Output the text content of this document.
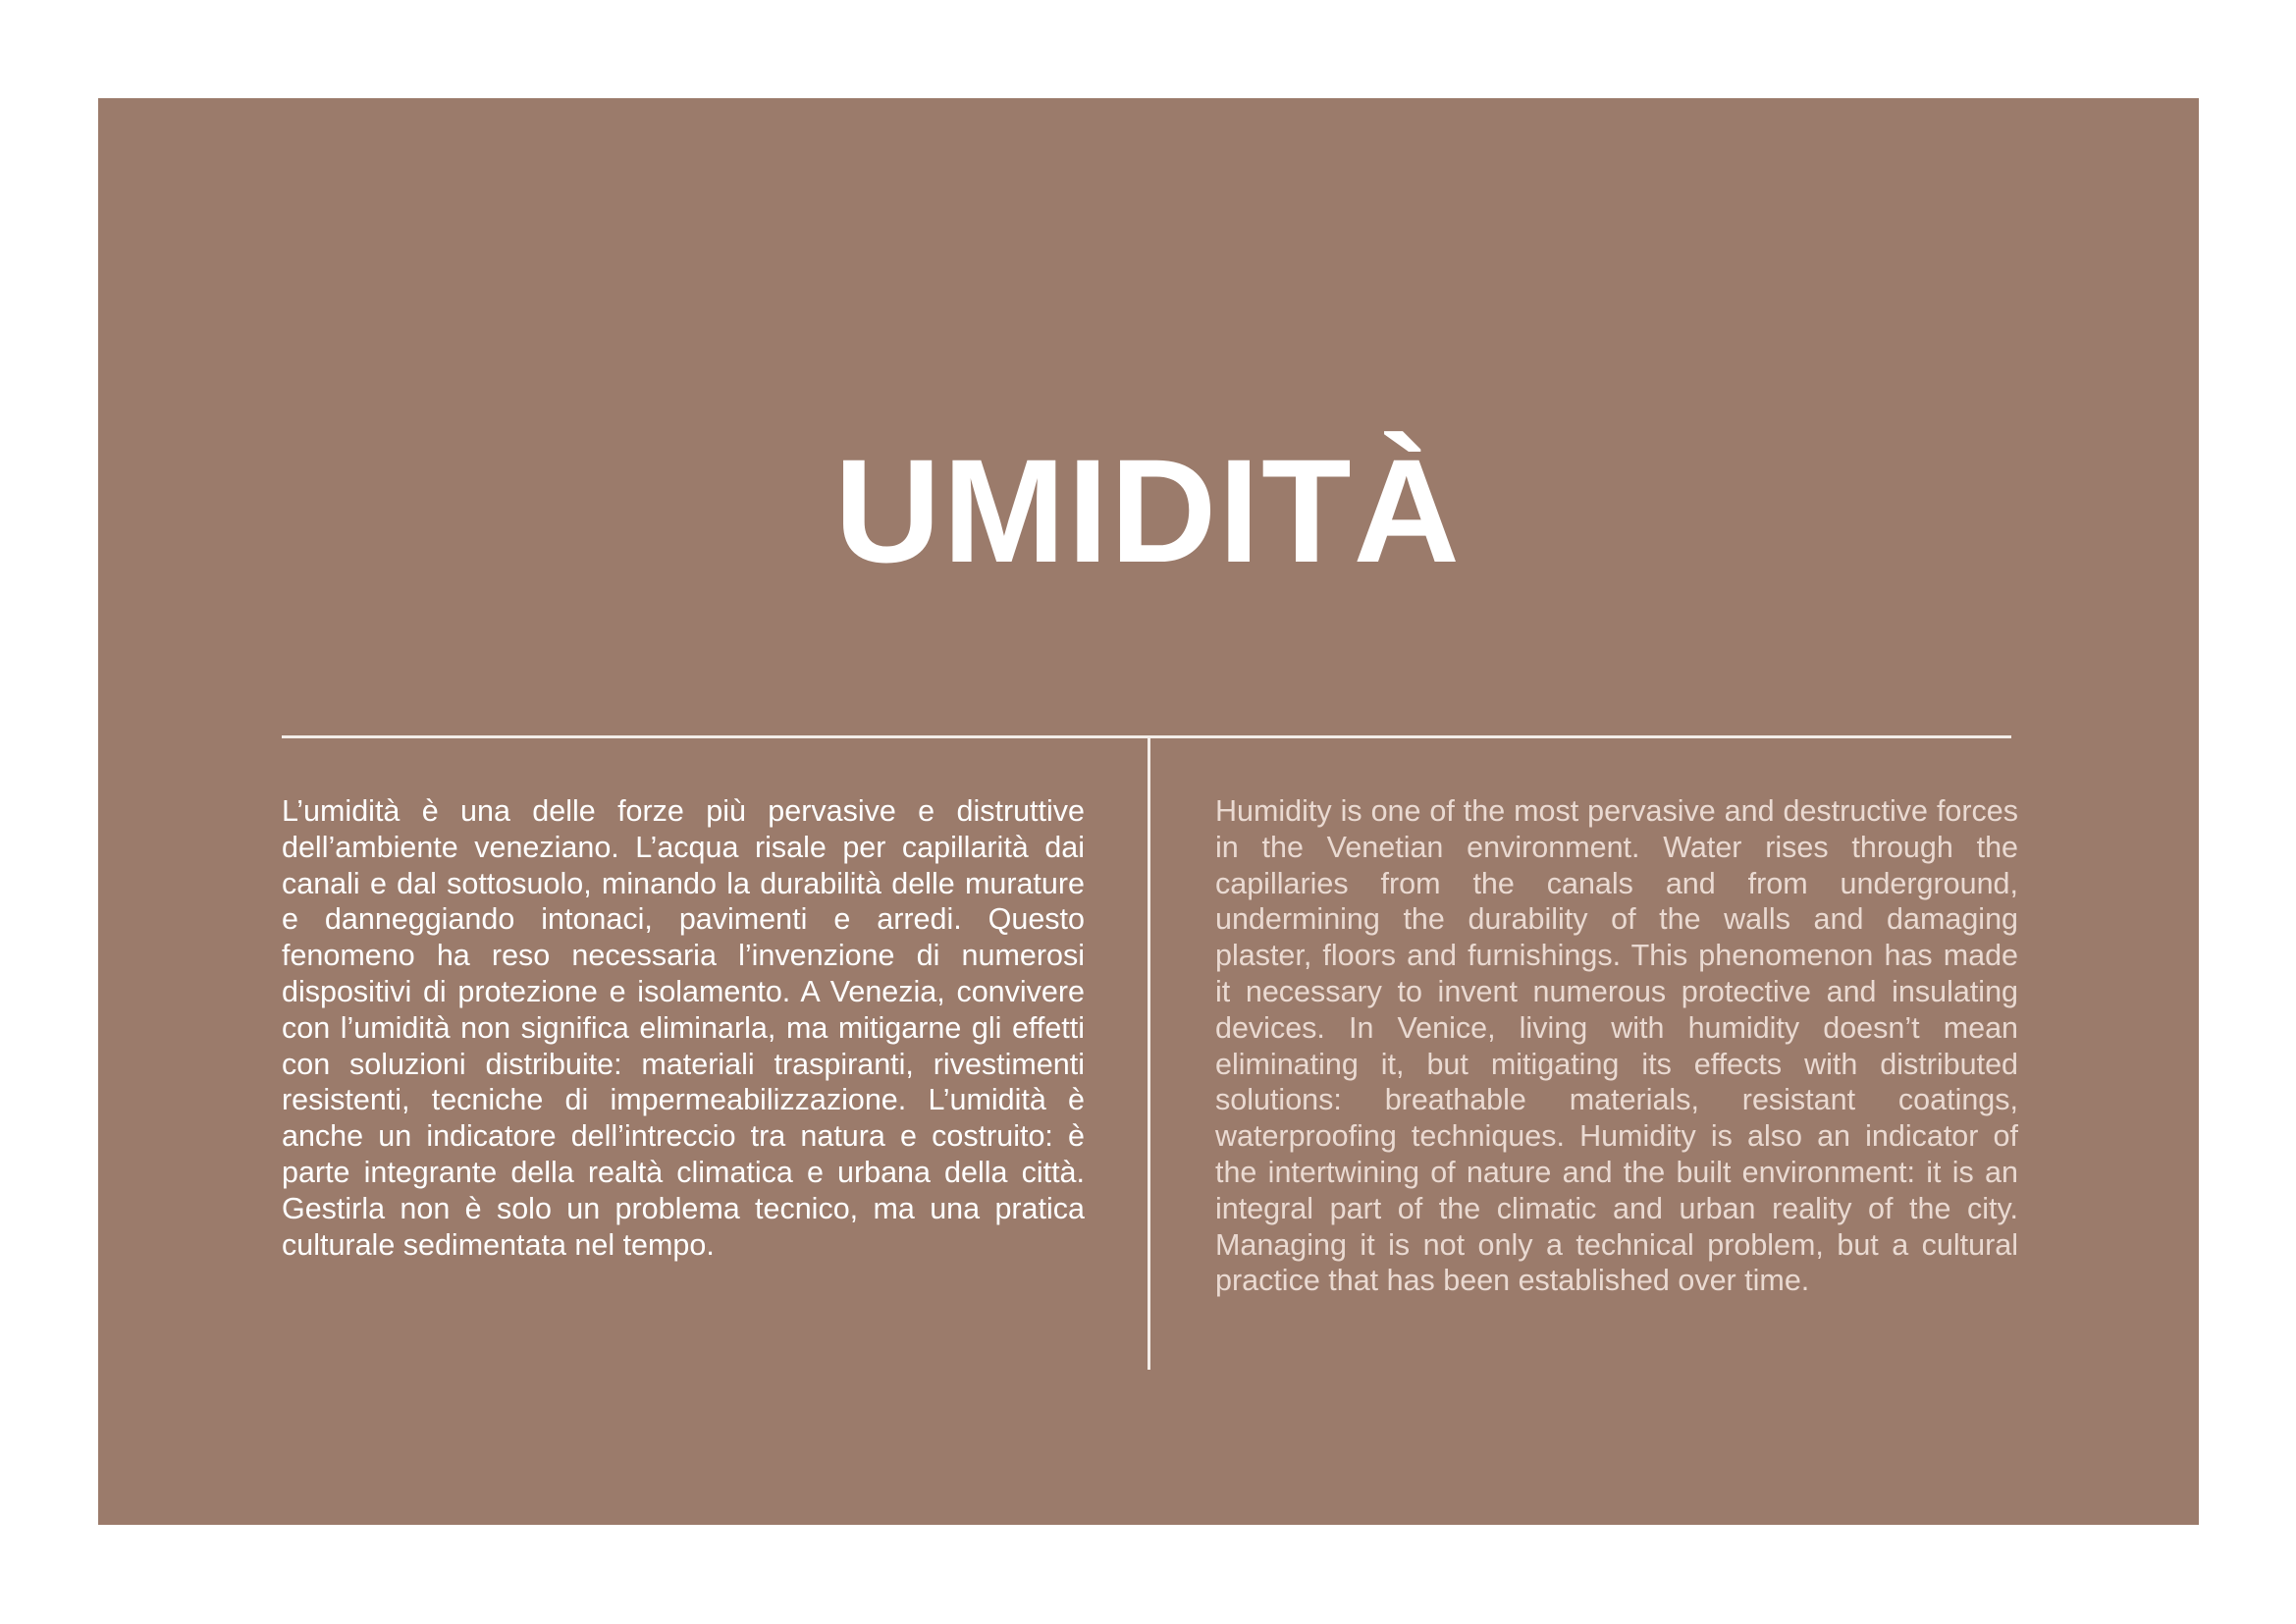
UMIDITÀ

L’umidità è una delle forze più pervasive e distruttive dell’ambiente veneziano. L’acqua risale per capillarità dai canali e dal sottosuolo, minando la durabilità delle murature e danneggiando intonaci, pavimenti e arredi. Questo fenomeno ha reso necessaria l’invenzione di numerosi dispositivi di protezione e isolamento. A Venezia, convivere con l’umidità non significa eliminarla, ma mitigarne gli effetti con soluzioni distribuite: materiali traspiranti, rivestimenti resistenti, tecniche di impermeabilizzazione. L’umidità è anche un indicatore dell’intreccio tra natura e costruito: è parte integrante della realtà climatica e urbana della città. Gestirla non è solo un problema tecnico, ma una pratica culturale sedimentata nel tempo.

Humidity is one of the most pervasive and destructive forces in the Venetian environment. Water rises through the capillaries from the canals and from underground, undermining the durability of the walls and damaging plaster, floors and furnishings. This phenomenon has made it necessary to invent numerous protective and insulating devices. In Venice, living with humidity doesn’t mean eliminating it, but mitigating its effects with distributed solutions: breathable materials, resistant coatings, waterproofing techniques. Humidity is also an indicator of the intertwining of nature and the built environment: it is an integral part of the climatic and urban reality of the city. Managing it is not only a technical problem, but a cultural practice that has been established over time.
